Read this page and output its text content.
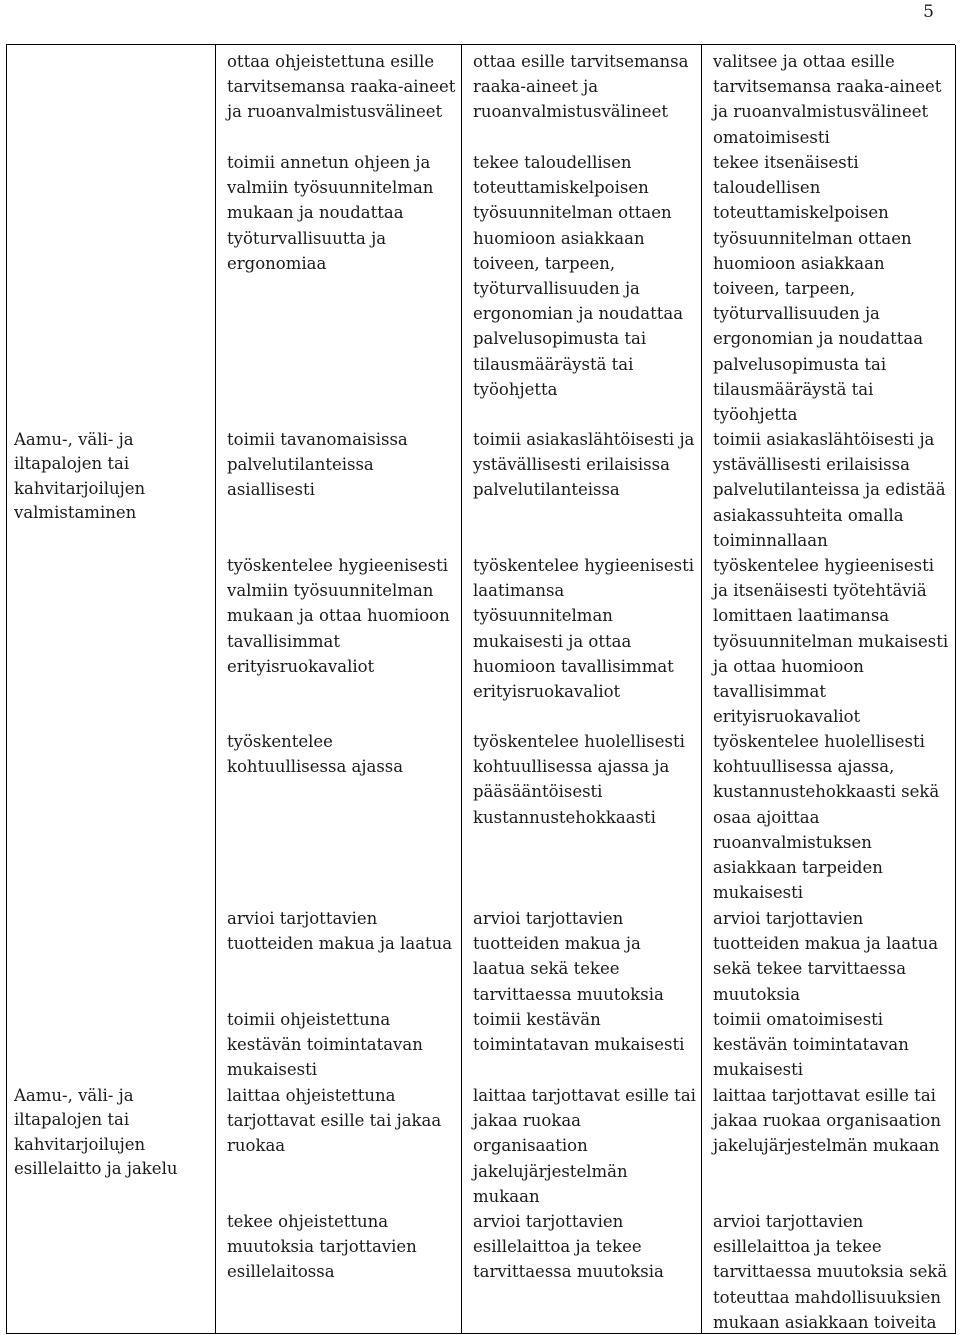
5
Aamu-, väli- ja iltapalojen tai kahvitarjoilujen valmistaminen
Aamu-, väli- ja iltapalojen tai kahvitarjoilujen esillelaitto ja jakelu
ottaa ohjeistettuna esille tarvitsemansa raaka-aineet ja ruoanvalmistusvälineet
toimii annetun ohjeen ja valmiin työsuunnitelman mukaan ja noudattaa työturvallisuutta ja ergonomiaa
toimii tavanomaisissa palvelutilanteissa asiallisesti
työskentelee hygieenisesti valmiin työsuunnitelman mukaan ja ottaa huomioon tavallisimmat erityisruokavaliot
työskentelee kohtuullisessa ajassa
arvioi tarjottavien tuotteiden makua ja laatua
toimii ohjeistettuna kestävän toimintatavan mukaisesti
laittaa ohjeistettuna tarjottavat esille tai jakaa ruokaa
tekee ohjeistettuna muutoksia tarjottavien esillelaitossa
ottaa esille tarvitsemansa raaka-aineet ja ruoanvalmistusvälineet
tekee taloudellisen toteuttamiskelpoisen työsuunnitelman ottaen huomioon asiakkaan toiveen, tarpeen, työturvallisuuden ja ergonomian ja noudattaa palvelusopimusta tai tilausmääräystä tai työohjetta
toimii asiakaslähtöisesti ja ystävällisesti erilaisissa palvelutilanteissa
työskentelee hygieenisesti laatimansa työsuunnitelman mukaisesti ja ottaa huomioon tavallisimmat erityisruokavaliot
työskentelee huolellisesti kohtuullisessa ajassa ja pääsääntöisesti kustannustehokkaasti
arvioi tarjottavien tuotteiden makua ja laatua sekä tekee tarvittaessa muutoksia
toimii kestävän toimintatavan mukaisesti
laittaa tarjottavat esille tai jakaa ruokaa organisaation jakelujärjestelmän mukaan
arvioi tarjottavien esillelaittoa ja tekee tarvittaessa muutoksia
valitsee ja ottaa esille tarvitsemansa raaka-aineet ja ruoanvalmistusvälineet omatoimisesti
tekee itsenäisesti taloudellisen toteuttamiskelpoisen työsuunnitelman ottaen huomioon asiakkaan toiveen, tarpeen, työturvallisuuden ja ergonomian ja noudattaa palvelusopimusta tai tilausmääräystä tai työohjetta
toimii asiakaslähtöisesti ja ystävällisesti erilaisissa palvelutilanteissa ja edistää asiakassuhteita omalla toiminnallaan
työskentelee hygieenisesti ja itsenäisesti työtehtäviä lomittaen laatimansa työsuunnitelman mukaisesti ja ottaa huomioon tavallisimmat erityisruokavaliot
työskentelee huolellisesti kohtuullisessa ajassa, kustannustehokkaasti sekä osaa ajoittaa ruoanvalmistuksen asiakkaan tarpeiden mukaisesti
arvioi tarjottavien tuotteiden makua ja laatua sekä tekee tarvittaessa muutoksia
toimii omatoimisesti kestävän toimintatavan mukaisesti
laittaa tarjottavat esille tai jakaa ruokaa organisaation jakelujärjestelmän mukaan
arvioi tarjottavien esillelaittoa ja tekee tarvittaessa muutoksia sekä toteuttaa mahdollisuuksien mukaan asiakkaan toiveita
